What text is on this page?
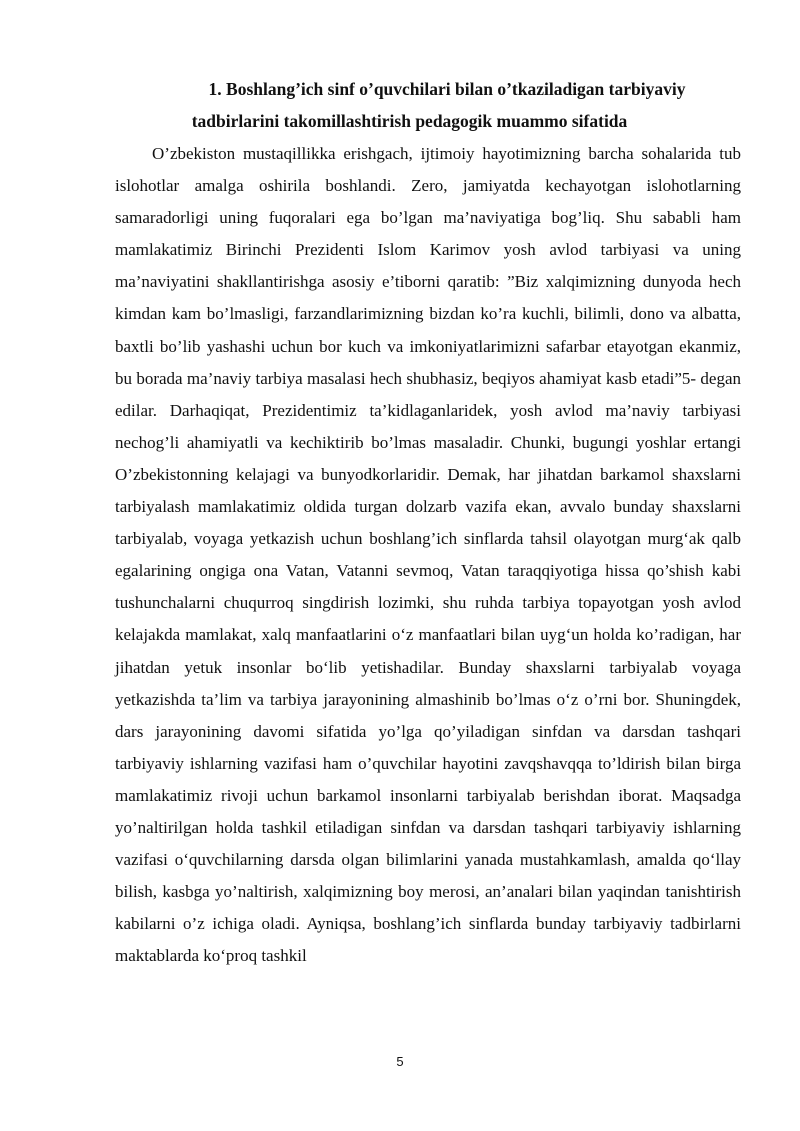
1. Boshlang’ich sinf o’quvchilari bilan o’tkaziladigan tarbiyaviy
tadbirlarini takomillashtirish pedagogik muammo sifatida

O’zbekiston mustaqillikka erishgach, ijtimoiy hayotimizning barcha sohalarida tub islohotlar amalga oshirila boshlandi. Zero, jamiyatda kechayotgan islohotlarning samaradorligi uning fuqoralari ega bo’lgan ma’naviyatiga bog’liq. Shu sababli ham mamlakatimiz Birinchi Prezidenti Islom Karimov yosh avlod tarbiyasi va uning ma’naviyatini shakllantirishga asosiy e’tiborni qaratib: ”Biz xalqimizning dunyoda hech kimdan kam bo’lmasligi, farzandlarimizning bizdan ko’ra kuchli, bilimli, dono va albatta, baxtli bo’lib yashashi uchun bor kuch va imkoniyatlarimizni safarbar etayotgan ekanmiz, bu borada ma’naviy tarbiya masalasi hech shubhasiz, beqiyos ahamiyat kasb etadi”5- degan edilar. Darhaqiqat, Prezidentimiz ta’kidlaganlaridek, yosh avlod ma’naviy tarbiyasi nechog’li ahamiyatli va kechiktirib bo’lmas masaladir. Chunki, bugungi yoshlar ertangi O’zbekistonning kelajagi va bunyodkorlaridir. Demak, har jihatdan barkamol shaxslarni tarbiyalash mamlakatimiz oldida turgan dolzarb vazifa ekan, avvalo bunday shaxslarni tarbiyalab, voyaga yetkazish uchun boshlang’ich sinflarda tahsil olayotgan murg‘ak qalb egalarining ongiga ona Vatan, Vatanni sevmoq, Vatan taraqqiyotiga hissa qo’shish kabi tushunchalarni chuqurroq singdirish lozimki, shu ruhda tarbiya topayotgan yosh avlod kelajakda mamlakat, xalq manfaatlarini o‘z manfaatlari bilan uyg‘un holda ko’radigan, har jihatdan yetuk insonlar bo‘lib yetishadilar. Bunday shaxslarni tarbiyalab voyaga yetkazishda ta’lim va tarbiya jarayonining almashinib bo’lmas o‘z o’rni bor. Shuningdek, dars jarayonining davomi sifatida yo’lga qo’yiladigan sinfdan va darsdan tashqari tarbiyaviy ishlarning vazifasi ham o’quvchilar hayotini zavqshavqqa to’ldirish bilan birga mamlakatimiz rivoji uchun barkamol insonlarni tarbiyalab berishdan iborat. Maqsadga yo’naltirilgan holda tashkil etiladigan sinfdan va darsdan tashqari tarbiyaviy ishlarning vazifasi o‘quvchilarning darsda olgan bilimlarini yanada mustahkamlash, amalda qo‘llay bilish, kasbga yo’naltirish, xalqimizning boy merosi, an’analari bilan yaqindan tanishtirish kabilarni o’z ichiga oladi. Ayniqsa, boshlang’ich sinflarda bunday tarbiyaviy tadbirlarni maktablarda ko‘proq tashkil

5
